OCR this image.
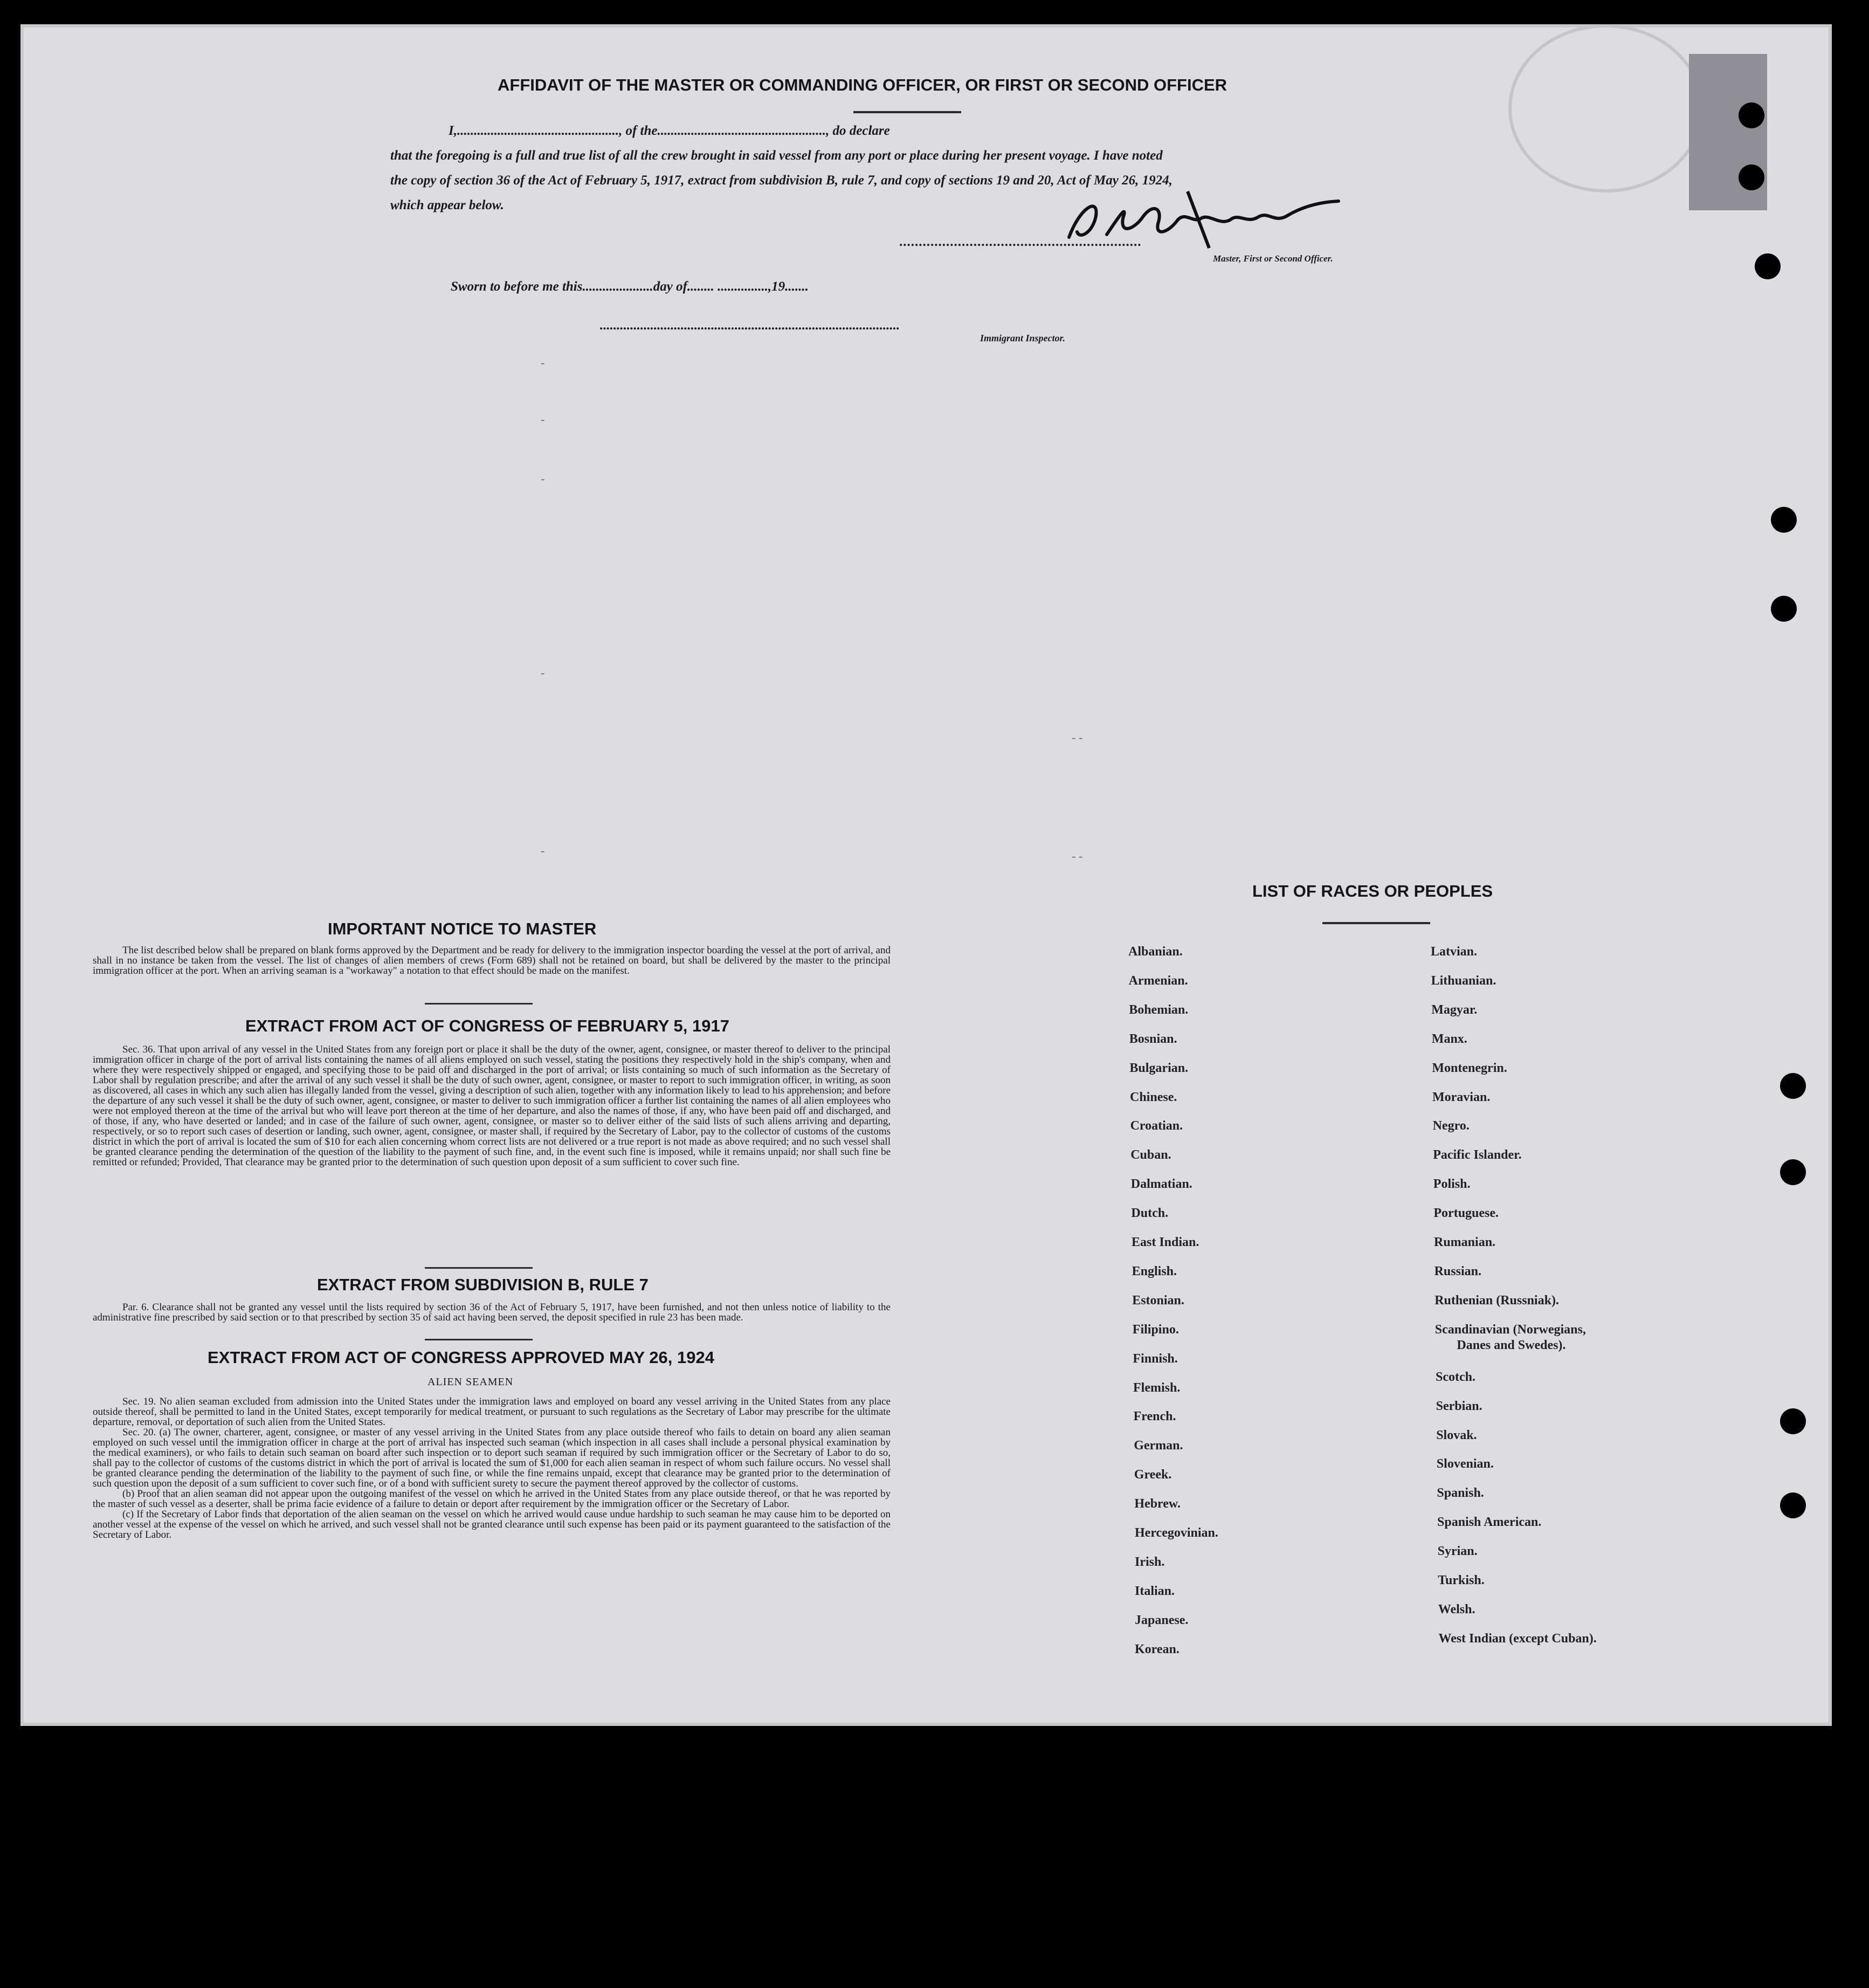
AFFIDAVIT OF THE MASTER OR COMMANDING OFFICER, OR FIRST OR SECOND OFFICER

I,................................................, of the.................................................., do declare

that the foregoing is a full and true list of all the crew brought in said vessel from any port or place during her present voyage. I have noted

the copy of section 36 of the Act of February 5, 1917, extract from subdivision B, rule 7, and copy of sections 19 and 20, Act of May 26, 1924,

which appear below.

..............................................................
Master, First or Second Officer.
Sworn to before me this.....................day of........ ...............,19.......
.........................................................................................
Immigrant Inspector.
-
-
-
-
-
- -
- -
IMPORTANT NOTICE TO MASTER

The list described below shall be prepared on blank forms approved by the Department and be ready for delivery to the immigration inspector boarding the vessel at the port of arrival, and shall in no instance be taken from the vessel. The list of changes of alien members of crews (Form 689) shall not be retained on board, but shall be delivered by the master to the principal immigration officer at the port. When an arriving seaman is a "workaway" a notation to that effect should be made on the manifest.

EXTRACT FROM ACT OF CONGRESS OF FEBRUARY 5, 1917

Sec. 36. That upon arrival of any vessel in the United States from any foreign port or place it shall be the duty of the owner, agent, consignee, or master thereof to deliver to the principal immigration officer in charge of the port of arrival lists containing the names of all aliens employed on such vessel, stating the positions they respectively hold in the ship's company, when and where they were respectively shipped or engaged, and specifying those to be paid off and discharged in the port of arrival; or lists containing so much of such information as the Secretary of Labor shall by regulation prescribe; and after the arrival of any such vessel it shall be the duty of such owner, agent, consignee, or master to report to such immigration officer, in writing, as soon as discovered, all cases in which any such alien has illegally landed from the vessel, giving a description of such alien, together with any information likely to lead to his apprehension; and before the departure of any such vessel it shall be the duty of such owner, agent, consignee, or master to deliver to such immigration officer a further list containing the names of all alien employees who were not employed thereon at the time of the arrival but who will leave port thereon at the time of her departure, and also the names of those, if any, who have been paid off and discharged, and of those, if any, who have deserted or landed; and in case of the failure of such owner, agent, consignee, or master so to deliver either of the said lists of such aliens arriving and departing, respectively, or so to report such cases of desertion or landing, such owner, agent, consignee, or master shall, if required by the Secretary of Labor, pay to the collector of customs of the customs district in which the port of arrival is located the sum of $10 for each alien concerning whom correct lists are not delivered or a true report is not made as above required; and no such vessel shall be granted clearance pending the determination of the question of the liability to the payment of such fine, and, in the event such fine is imposed, while it remains unpaid; nor shall such fine be remitted or refunded; Provided, That clearance may be granted prior to the determination of such question upon deposit of a sum sufficient to cover such fine.

EXTRACT FROM SUBDIVISION B, RULE 7

Par. 6. Clearance shall not be granted any vessel until the lists required by section 36 of the Act of February 5, 1917, have been furnished, and not then unless notice of liability to the administrative fine prescribed by said section or to that prescribed by section 35 of said act having been served, the deposit specified in rule 23 has been made.

EXTRACT FROM ACT OF CONGRESS APPROVED MAY 26, 1924
ALIEN SEAMEN

Sec. 19. No alien seaman excluded from admission into the United States under the immigration laws and employed on board any vessel arriving in the United States from any place outside thereof, shall be permitted to land in the United States, except temporarily for medical treatment, or pursuant to such regulations as the Secretary of Labor may prescribe for the ultimate departure, removal, or deportation of such alien from the United States.

Sec. 20. (a) The owner, charterer, agent, consignee, or master of any vessel arriving in the United States from any place outside thereof who fails to detain on board any alien seaman employed on such vessel until the immigration officer in charge at the port of arrival has inspected such seaman (which inspection in all cases shall include a personal physical examination by the medical examiners), or who fails to detain such seaman on board after such inspection or to deport such seaman if required by such immigration officer or the Secretary of Labor to do so, shall pay to the collector of customs of the customs district in which the port of arrival is located the sum of $1,000 for each alien seaman in respect of whom such failure occurs. No vessel shall be granted clearance pending the determination of the liability to the payment of such fine, or while the fine remains unpaid, except that clearance may be granted prior to the determination of such question upon the deposit of a sum sufficient to cover such fine, or of a bond with sufficient surety to secure the payment thereof approved by the collector of customs.

(b) Proof that an alien seaman did not appear upon the outgoing manifest of the vessel on which he arrived in the United States from any place outside thereof, or that he was reported by the master of such vessel as a deserter, shall be prima facie evidence of a failure to detain or deport after requirement by the immigration officer or the Secretary of Labor.

(c) If the Secretary of Labor finds that deportation of the alien seaman on the vessel on which he arrived would cause undue hardship to such seaman he may cause him to be deported on another vessel at the expense of the vessel on which he arrived, and such vessel shall not be granted clearance until such expense has been paid or its payment guaranteed to the satisfaction of the Secretary of Labor.

LIST OF RACES OR PEOPLES
Albanian.
Armenian.
Bohemian.
Bosnian.
Bulgarian.
Chinese.
Croatian.
Cuban.
Dalmatian.
Dutch.
East Indian.
English.
Estonian.
Filipino.
Finnish.
Flemish.
French.
German.
Greek.
Hebrew.
Hercegovinian.
Irish.
Italian.
Japanese.
Korean.
Latvian.
Lithuanian.
Magyar.
Manx.
Montenegrin.
Moravian.
Negro.
Pacific Islander.
Polish.
Portuguese.
Rumanian.
Russian.
Ruthenian (Russniak).
Scandinavian (Norwegians,
Danes and Swedes).
Scotch.
Serbian.
Slovak.
Slovenian.
Spanish.
Spanish American.
Syrian.
Turkish.
Welsh.
West Indian (except Cuban).
